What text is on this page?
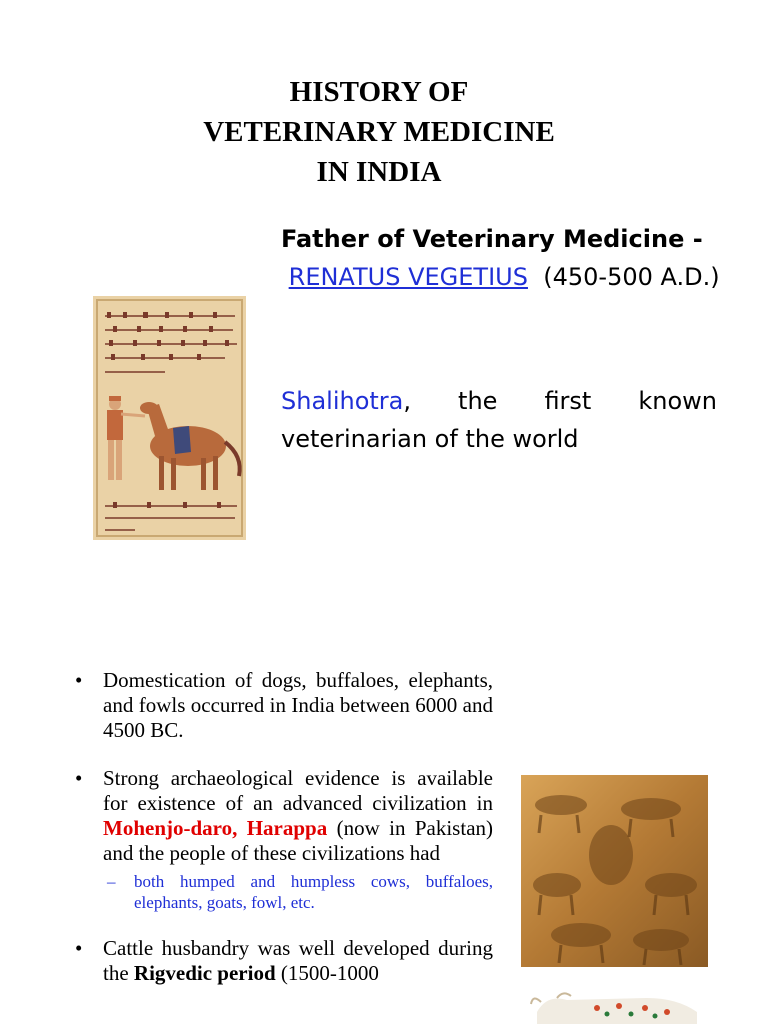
HISTORY OF
VETERINARY MEDICINE
IN INDIA
Father of Veterinary Medicine -
RENATUS VEGETIUS (450-500 A.D.)
Shalihotra, the first known veterinarian of the world
• Domestication of dogs, buffaloes, elephants, and fowls occurred in India between 6000 and 4500 BC.
• Strong archaeological evidence is available for existence of an advanced civilization in Mohenjo-daro, Harappa (now in Pakistan) and the people of these civilizations had
– both humped and humpless cows, buffaloes, elephants, goats, fowl, etc.
• Cattle husbandry was well developed during the Rigvedic period (1500-1000
